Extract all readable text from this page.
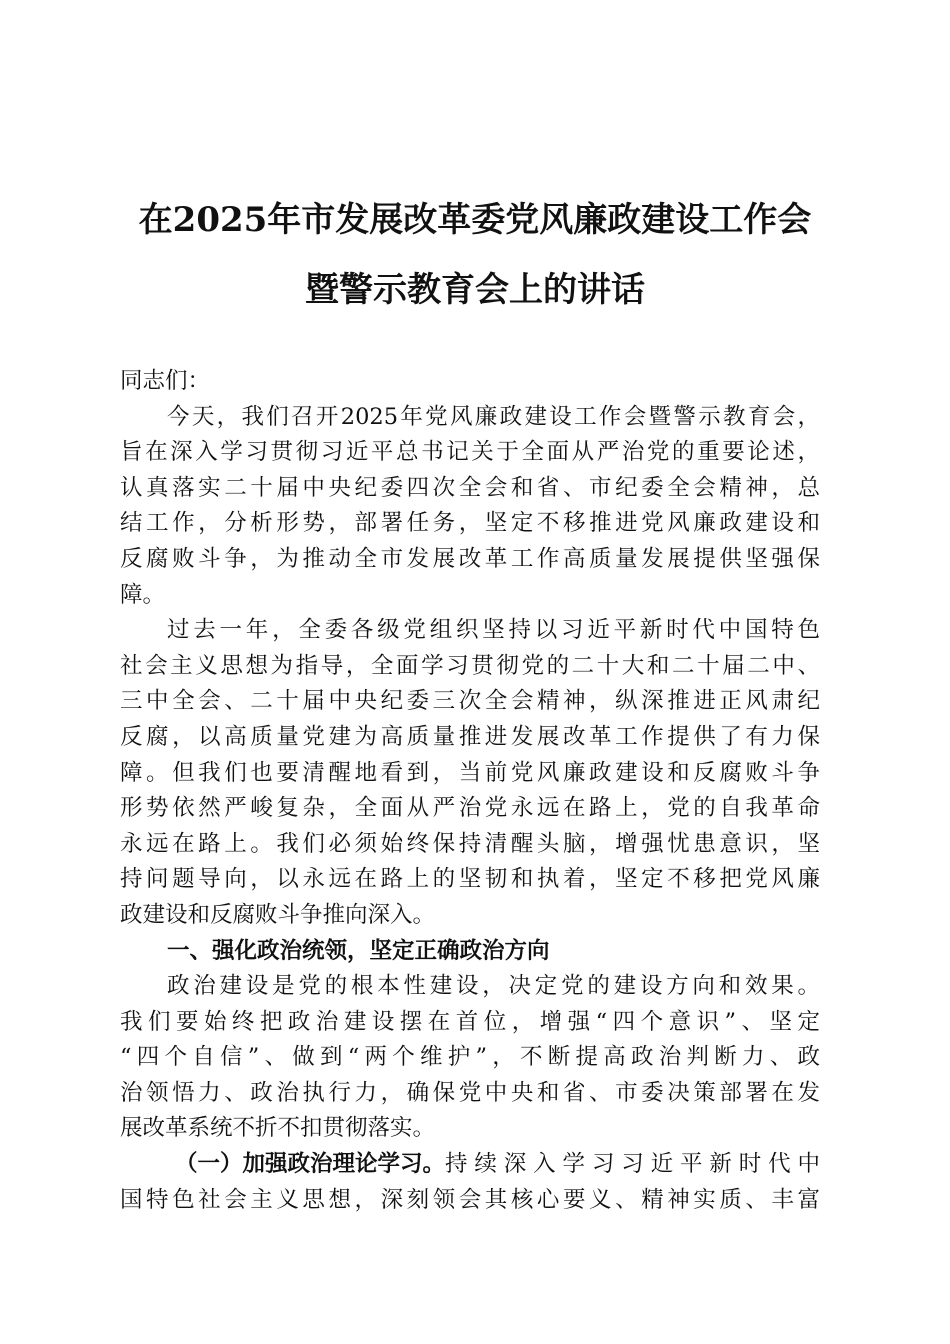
在2025年市发展改革委党风廉政建设工作会
暨警示教育会上的讲话
同志们：
今天，我们召开2025年党风廉政建设工作会暨警示教育会，
旨在深入学习贯彻习近平总书记关于全面从严治党的重要论述，
认真落实二十届中央纪委四次全会和省、市纪委全会精神，总
结工作，分析形势，部署任务，坚定不移推进党风廉政建设和
反腐败斗争，为推动全市发展改革工作高质量发展提供坚强保
障。
过去一年，全委各级党组织坚持以习近平新时代中国特色
社会主义思想为指导，全面学习贯彻党的二十大和二十届二中、
三中全会、二十届中央纪委三次全会精神，纵深推进正风肃纪
反腐，以高质量党建为高质量推进发展改革工作提供了有力保
障。但我们也要清醒地看到，当前党风廉政建设和反腐败斗争
形势依然严峻复杂，全面从严治党永远在路上，党的自我革命
永远在路上。我们必须始终保持清醒头脑，增强忧患意识，坚
持问题导向，以永远在路上的坚韧和执着，坚定不移把党风廉
政建设和反腐败斗争推向深入。
一、强化政治统领，坚定正确政治方向
政治建设是党的根本性建设，决定党的建设方向和效果。
我们要始终把政治建设摆在首位，增强“四个意识”、坚定
“四个自信”、做到“两个维护”，不断提高政治判断力、政
治领悟力、政治执行力，确保党中央和省、市委决策部署在发
展改革系统不折不扣贯彻落实。
（一）加强政治理论学习。 持续深入学习习近平新时代中
国特色社会主义思想，深刻领会其核心要义、精神实质、丰富
